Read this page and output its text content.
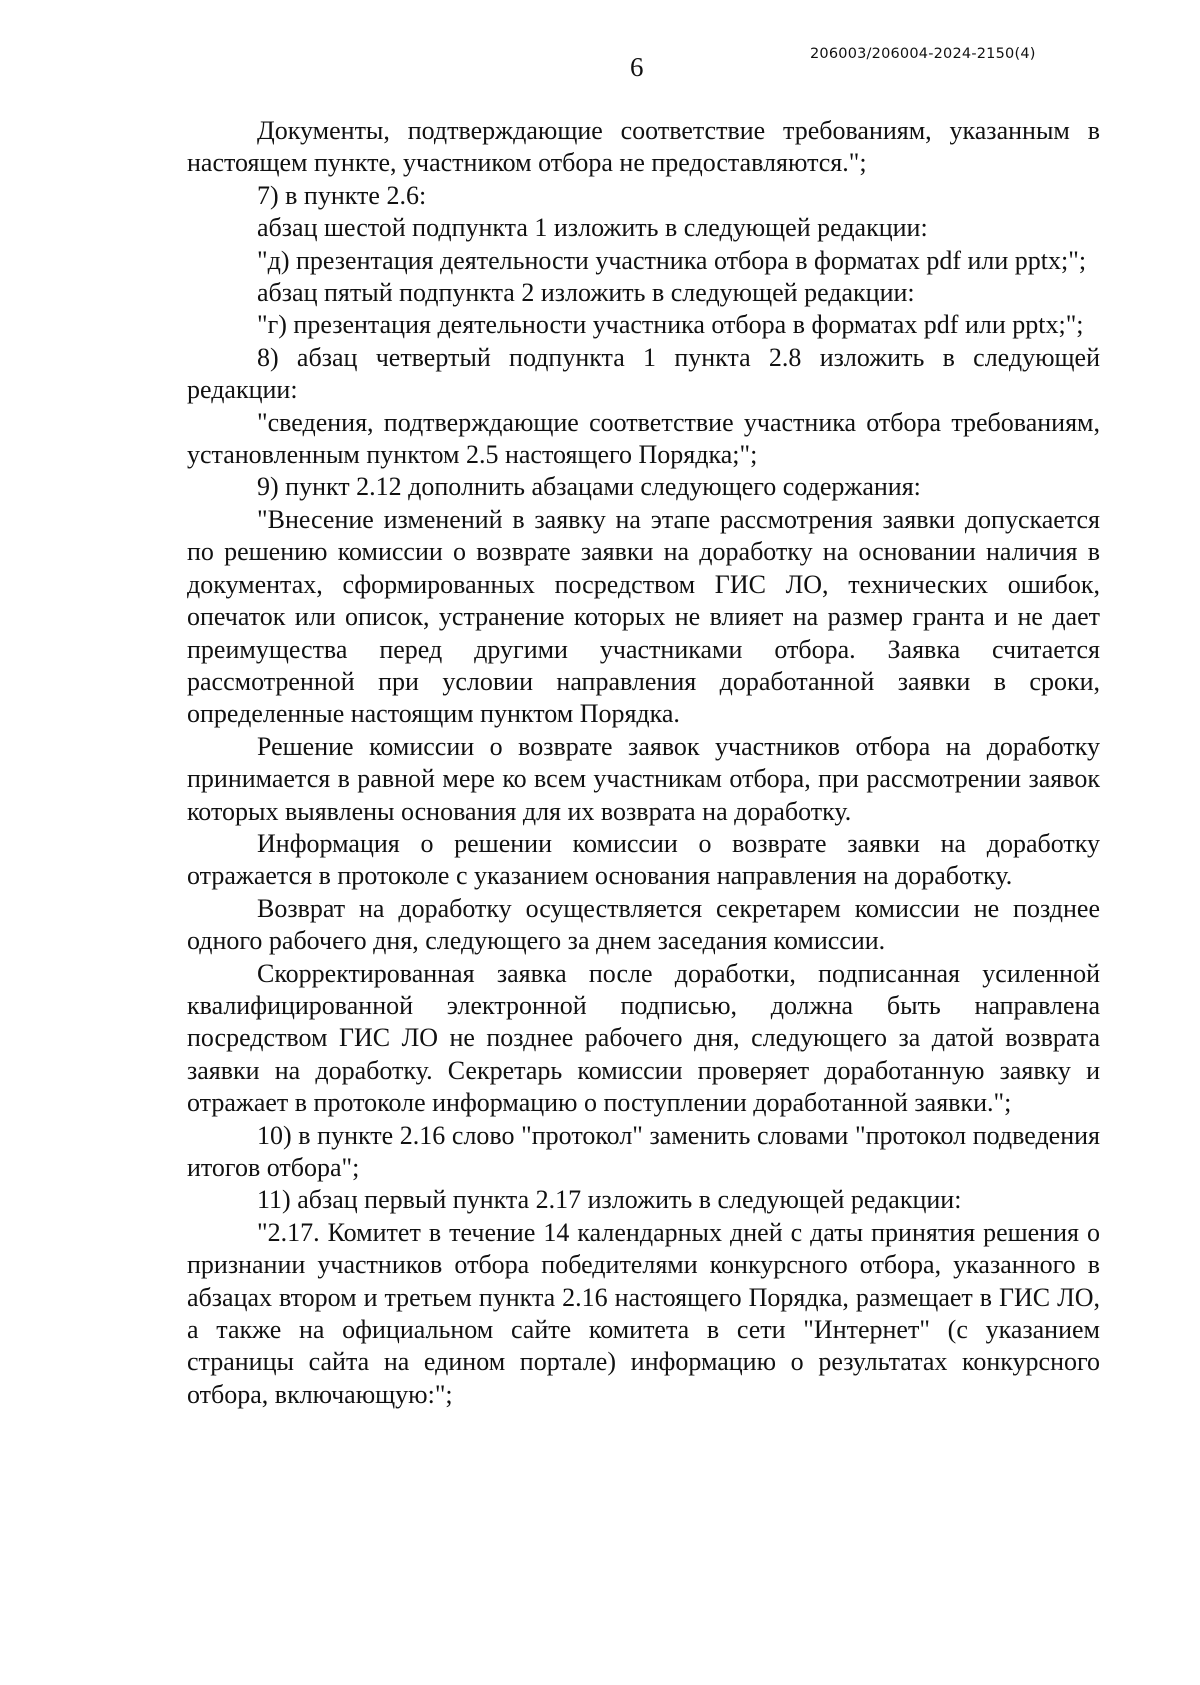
6	206003/206004-2024-2150(4)

Документы, подтверждающие соответствие требованиям, указанным в настоящем пункте, участником отбора не предоставляются.";

7) в пункте 2.6:

абзац шестой подпункта 1 изложить в следующей редакции:

"д) презентация деятельности участника отбора в форматах pdf или pptx;";

абзац пятый подпункта 2 изложить в следующей редакции:

"г) презентация деятельности участника отбора в форматах pdf или pptx;";

8) абзац четвертый подпункта 1 пункта 2.8 изложить в следующей редакции:

"сведения, подтверждающие соответствие участника отбора требованиям, установленным пунктом 2.5 настоящего Порядка;";

9) пункт 2.12 дополнить абзацами следующего содержания:

"Внесение изменений в заявку на этапе рассмотрения заявки допускается по решению комиссии о возврате заявки на доработку на основании наличия в документах, сформированных посредством ГИС ЛО, технических ошибок, опечаток или описок, устранение которых не влияет на размер гранта и не дает преимущества перед другими участниками отбора. Заявка считается рассмотренной при условии направления доработанной заявки в сроки, определенные настоящим пунктом Порядка.

Решение комиссии о возврате заявок участников отбора на доработку принимается в равной мере ко всем участникам отбора, при рассмотрении заявок которых выявлены основания для их возврата на доработку.

Информация о решении комиссии о возврате заявки на доработку отражается в протоколе с указанием основания направления на доработку.

Возврат на доработку осуществляется секретарем комиссии не позднее одного рабочего дня, следующего за днем заседания комиссии.

Скорректированная заявка после доработки, подписанная усиленной квалифицированной электронной подписью, должна быть направлена посредством ГИС ЛО не позднее рабочего дня, следующего за датой возврата заявки на доработку. Секретарь комиссии проверяет доработанную заявку и отражает в протоколе информацию о поступлении доработанной заявки.";

10) в пункте 2.16 слово "протокол" заменить словами "протокол подведения итогов отбора";

11) абзац первый пункта 2.17 изложить в следующей редакции:

"2.17. Комитет в течение 14 календарных дней с даты принятия решения о признании участников отбора победителями конкурсного отбора, указанного в абзацах втором и третьем пункта 2.16 настоящего Порядка, размещает в ГИС ЛО, а также на официальном сайте комитета в сети "Интернет" (с указанием страницы сайта на едином портале) информацию о результатах конкурсного отбора, включающую:";
